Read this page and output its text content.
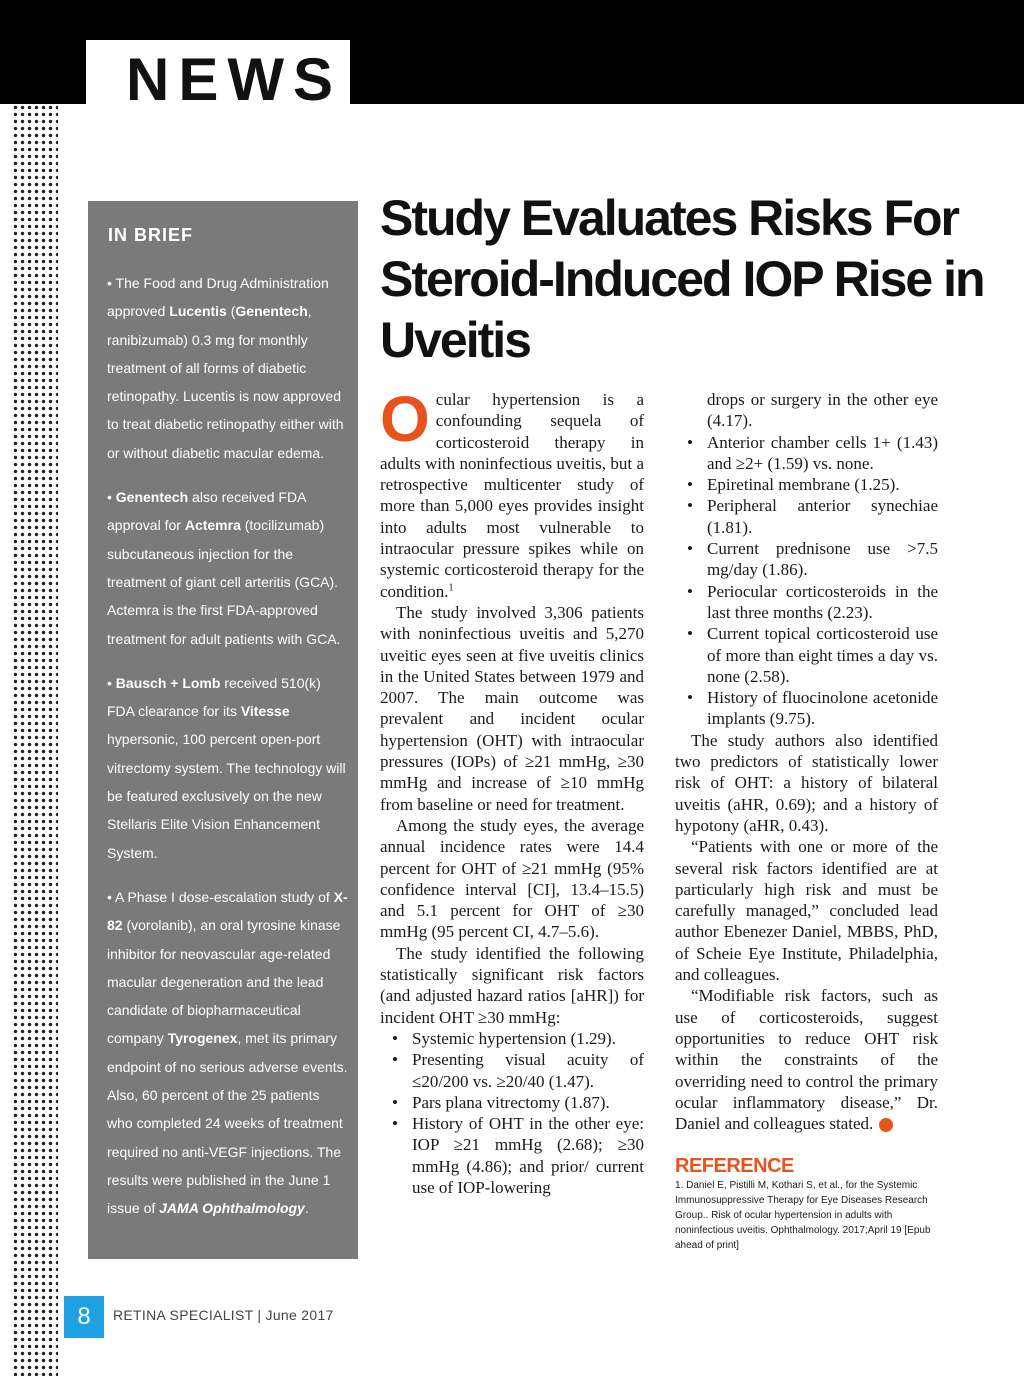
NEWS
IN BRIEF

• The Food and Drug Administration approved Lucentis (Genentech, ranibizumab) 0.3 mg for monthly treatment of all forms of diabetic retinopathy. Lucentis is now approved to treat diabetic retinopathy either with or without diabetic macular edema.

• Genentech also received FDA approval for Actemra (tocilizumab) subcutaneous injection for the treatment of giant cell arteritis (GCA). Actemra is the first FDA-approved treatment for adult patients with GCA.

• Bausch + Lomb received 510(k) FDA clearance for its Vitesse hypersonic, 100 percent open-port vitrectomy system. The technology will be featured exclusively on the new Stellaris Elite Vision Enhancement System.

• A Phase I dose-escalation study of X-82 (vorolanib), an oral tyrosine kinase inhibitor for neovascular age-related macular degeneration and the lead candidate of biopharmaceutical company Tyrogenex, met its primary endpoint of no serious adverse events. Also, 60 percent of the 25 patients who completed 24 weeks of treatment required no anti-VEGF injections. The results were published in the June 1 issue of JAMA Ophthalmology.

Study Evaluates Risks For Steroid-Induced IOP Rise in Uveitis

Ocular hypertension is a confounding sequela of corticosteroid therapy in adults with noninfectious uveitis, but a retrospective multicenter study of more than 5,000 eyes provides insight into adults most vulnerable to intraocular pressure spikes while on systemic corticosteroid therapy for the condition.$^1$

The study involved 3,306 patients with noninfectious uveitis and 5,270 uveitic eyes seen at five uveitis clinics in the United States between 1979 and 2007. The main outcome was prevalent and incident ocular hypertension (OHT) with intraocular pressures (IOPs) of ≥21 mmHg, ≥30 mmHg and increase of ≥10 mmHg from baseline or need for treatment.

Among the study eyes, the average annual incidence rates were 14.4 percent for OHT of ≥21 mmHg (95% confidence interval [CI], 13.4–15.5) and 5.1 percent for OHT of ≥30 mmHg (95 percent CI, 4.7–5.6).

The study identified the following statistically significant risk factors (and adjusted hazard ratios [aHR]) for incident OHT ≥30 mmHg:

• Systemic hypertension (1.29).
• Presenting visual acuity of ≤20/200 vs. ≥20/40 (1.47).
• Pars plana vitrectomy (1.87).
• History of OHT in the other eye: IOP ≥21 mmHg (2.68); ≥30 mmHg (4.86); and prior/ current use of IOP-lowering
drops or surgery in the other eye (4.17).
• Anterior chamber cells 1+ (1.43) and ≥2+ (1.59) vs. none.
• Epiretinal membrane (1.25).
• Peripheral anterior synechiae (1.81).
• Current prednisone use >7.5 mg/day (1.86).
• Periocular corticosteroids in the last three months (2.23).
• Current topical corticosteroid use of more than eight times a day vs. none (2.58).
• History of fluocinolone acetonide implants (9.75).

The study authors also identified two predictors of statistically lower risk of OHT: a history of bilateral uveitis (aHR, 0.69); and a history of hypotony (aHR, 0.43).

“Patients with one or more of the several risk factors identified are at particularly high risk and must be carefully managed,” concluded lead author Ebenezer Daniel, MBBS, PhD, of Scheie Eye Institute, Philadelphia, and colleagues.

“Modifiable risk factors, such as use of corticosteroids, suggest opportunities to reduce OHT risk within the constraints of the overriding need to control the primary ocular inflammatory disease,” Dr. Daniel and colleagues stated.	RS

REFERENCE

1. Daniel E, Pistilli M, Kothari S, et al., for the Systemic Immunosuppressive Therapy for Eye Diseases Research Group.. Risk of ocular hypertension in adults with noninfectious uveitis. Ophthalmology. 2017;April 19 [Epub ahead of print]

8	RETINA SPECIALIST | June 2017
